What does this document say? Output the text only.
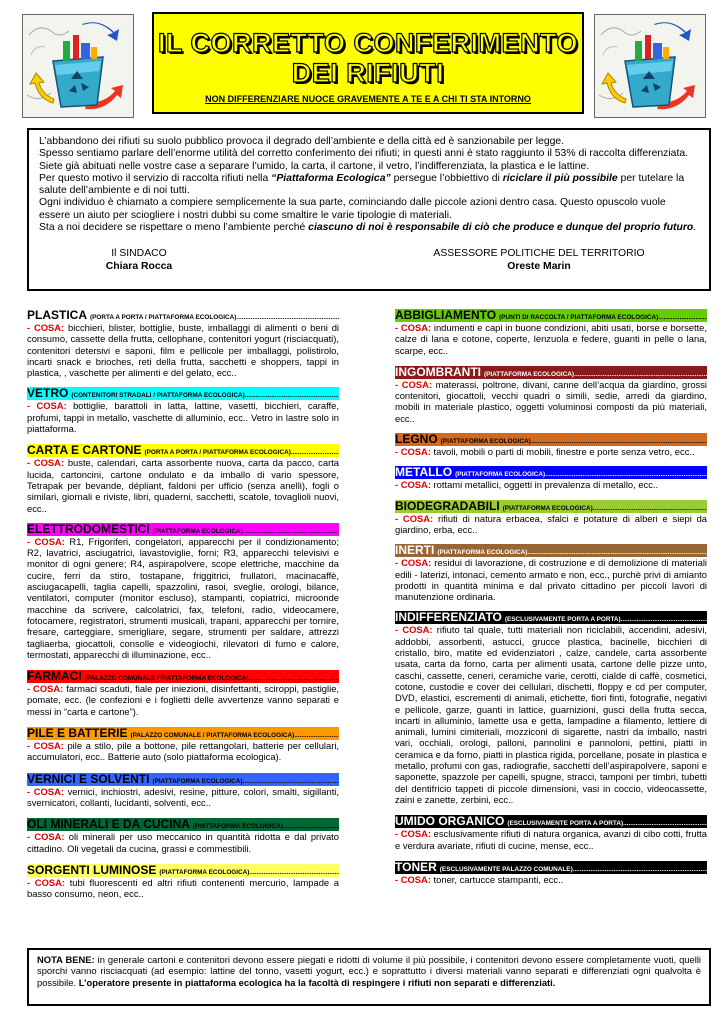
IL CORRETTO CONFERIMENTO
DEI RIFIUTI
NON DIFFERENZIARE NUOCE GRAVEMENTE A TE E A CHI TI STA INTORNO

L’abbandono dei rifiuti su suolo pubblico provoca il degrado dell’ambiente e della città ed è sanzionabile per legge.

Spesso sentiamo parlare dell’enorme utilità del corretto conferimento dei rifiuti; in questi anni è stato raggiunto il 53% di raccolta differenziata. Siete già abituati nelle vostre case a separare l’umido, la carta, il cartone, il vetro, l’indifferenziata, la plastica e le lattine.

Per questo motivo il servizio di raccolta rifiuti nella “Piattaforma Ecologica” persegue l’obbiettivo di riciclare il più possibile per tutelare la salute dell’ambiente e di noi tutti.

Ogni individuo è chiamato a compiere semplicemente la sua parte, cominciando dalle piccole azioni dentro casa. Questo opuscolo vuole essere un aiuto per sciogliere i nostri dubbi su come smaltire le varie tipologie di materiali.

Sta a noi decidere se rispettare o meno l’ambiente perché ciascuno di noi è responsabile di ciò che produce e dunque del proprio futuro.

Il SINDACO
Chiara Rocca
ASSESSORE POLITICHE DEL TERRITORIO
Oreste Marin
PLASTICA (PORTA A PORTA / PIATTAFORMA ECOLOGICA) .....
- COSA: bicchieri, blister, bottiglie, buste, imballaggi di alimenti o beni di consumo, cassette della frutta, cellophane, contenitori yogurt (risciacquati), contenitori detersivi e saponi, film e pellicole per imballaggi, polistirolo, incarti snack e brioches, reti della frutta, sacchetti e shoppers, tappi in plastica, , vaschette per alimenti e del gelato, ecc..
VETRO (CONTENITORI STRADALI / PIATTAFORMA ECOLOGICA) .....
- COSA: bottiglie, barattoli in latta, lattine, vasetti, bicchieri, caraffe, profumi, tappi in metallo, vaschette di alluminio, ecc.. Vetro in lastre solo in piattaforma.
CARTA E CARTONE (PORTA A PORTA / PIATTAFORMA ECOLOGICA) .....
- COSA: buste, calendari, carta assorbente nuova, carta da pacco, carta lucida, cartoncini, cartone ondulato e da imballo di vario spessore, Tetrapak per bevande, dépliant, faldoni per ufficio (senza anelli), fogli o similari, giornali e riviste, libri, quaderni, sacchetti, scatole, tovaglioli nuovi, ecc..
ELETTRODOMESTICI (PIATTAFORMA ECOLOGICA) .....
- COSA: R1, Frigoriferi, congelatori, apparecchi per il condizionamento; R2, lavatrici, asciugatrici, lavastoviglie, forni; R3, apparecchi televisivi e monitor di ogni genere; R4, aspirapolvere, scope elettriche, macchine da cucire, ferri da stiro, tostapane, friggitrici, frullatori, macinacaffè, asciugacapelli, taglia capelli, spazzolini, rasoi, sveglie, orologi, bilance, ventilatori, computer (monitor escluso), stampanti, copiatrici, microonde macchine da scrivere, calcolatrici, fax, telefoni, radio, videocamere, fotocamere, registratori, strumenti musicali, trapani, apparecchi per tornire, fresare, carteggiare, smerigliare, segare, strumenti per saldare, attrezzi tagliaerba, giocattoli, consolle e videogiochi, rilevatori di fumo e calore, termostati, apparecchi di illuminazione, ecc..
FARMACI (PALAZZO COMUNALE / PIATTAFORMA ECOLOGICA) .....
- COSA: farmaci scaduti, fiale per iniezioni, disinfettanti, sciroppi, pastiglie, pomate, ecc. (le confezioni e i foglietti delle avvertenze vanno separati e messi in “carta e cartone”).
PILE E BATTERIE (PALAZZO COMUNALE / PIATTAFORMA ECOLOGICA) .....
- COSA: pile a stilo, pile a bottone, pile rettangolari, batterie per cellulari, accumulatori, ecc.. Batterie auto (solo piattaforma ecologica).
VERNICI E SOLVENTI (PIATTAFORMA ECOLOGICA) .....
- COSA: vernici, inchiostri, adesivi, resine, pitture, colori, smalti, sigillanti, svernicatori, collanti, lucidanti, solventi, ecc..
OLI MINERALI E DA CUCINA (PIATTAFORMA ECOLOGICA) .....
- COSA: oli minerali per uso meccanico in quantità ridotta e dal privato cittadino. Oli vegetali da cucina, grassi e commestibili.
SORGENTI LUMINOSE (PIATTAFORMA ECOLOGICA) .....
- COSA: tubi fluorescenti ed altri rifiuti contenenti mercurio, lampade a basso consumo, neon, ecc..
ABBIGLIAMENTO (PUNTI DI RACCOLTA / PIATTAFORMA ECOLOGICA) .....
- COSA: indumenti e capi in buone condizioni, abiti usati, borse e borsette, calze di lana e cotone, coperte, lenzuola e federe, guanti in pelle o lana, scarpe, ecc..
INGOMBRANTI (PIATTAFORMA ECOLOGICA) .....
- COSA: materassi, poltrone, divani, canne dell’acqua da giardino, grossi contenitori, giocattoli, vecchi quadri o simili, sedie, arredi da giardino, mobili in materiale plastico, oggetti voluminosi composti da più materiali, ecc..
LEGNO (PIATTAFORMA ECOLOGICA) .....
- COSA: tavoli, mobili o parti di mobili, finestre e porte senza vetro, ecc..
METALLO (PIATTAFORMA ECOLOGICA) .....
- COSA: rottami metallici, oggetti in prevalenza di metallo, ecc..
BIODEGRADABILI (PIATTAFORMA ECOLOGICA) .....
- COSA: rifiuti di natura erbacea, sfalci e potature di alberi e siepi da giardino, erba, ecc..
INERTI (PIATTAFORMA ECOLOGICA) .....
- COSA: residui di lavorazione, di costruzione e di demolizione di materiali edili - laterizi, intonaci, cemento armato e non, ecc., purchè privi di amianto prodotti in quantità minima e dal privato cittadino per piccoli lavori di manutenzione ordinaria.
INDIFFERENZIATO (ESCLUSIVAMENTE PORTA A PORTA) .....
- COSA: rifiuto tal quale, tutti materiali non riciclabili, accendini, adesivi, addobbi, assorbenti, astucci, grucce plastica, bacinelle, bicchieri di cristallo, biro, matite ed evidenziatori , calze, candele, carta assorbente usata, carta da forno, carta per alimenti usata, cartone delle pizze unto, caschi, cassette, ceneri, ceramiche varie, cerotti, cialde di caffè, cosmetici, cotone, custodie e cover dei cellulari, dischetti, floppy e cd per computer, DVD, elastici, escrementi di animali, etichette, fiori finti, fotografie, negativi e pellicole, garze, guanti in lattice, guarnizioni, gusci della frutta secca, incarti in alluminio, lamette usa e getta, lampadine a filamento, lettiere di animali, lumini cimiteriali, mozziconi di sigarette, nastri da imballo, nastri vari, occhiali, orologi, palloni, pannolini e pannoloni, pettini, piatti in ceramica e da forno, piatti in plastica rigida, porcellane, posate in plastica e metallo, profumi con gas, radiografie, sacchetti dell’aspirapolvere, saponi e saponette, spazzole per capelli, spugne, stracci, tamponi per timbri, tubetti del dentifricio tappeti di piccole dimensioni, vasi in coccio, videocassette, zaini e zanette, zerbini, ecc..
UMIDO ORGANICO (ESCLUSIVAMENTE PORTA A PORTA) .....
- COSA: esclusivamente rifiuti di natura organica, avanzi di cibo cotti, frutta e verdura avariate, rifiuti di cucine, mense, ecc..
TONER (ESCLUSIVAMENTE PALAZZO COMUNALE) .....
- COSA: toner, cartucce stampanti, ecc..
NOTA BENE: in generale cartoni e contenitori devono essere piegati e ridotti di volume il più possibile, i contenitori devono essere completamente vuoti, quelli sporchi vanno risciacquati (ad esempio: lattine del tonno, vasetti yogurt, ecc.) e soprattutto i diversi materiali vanno separati e differenziati ogni qualvolta è possibile. L’operatore presente in piattaforma ecologica ha la facoltà di respingere i rifiuti non separati e differenziati.
